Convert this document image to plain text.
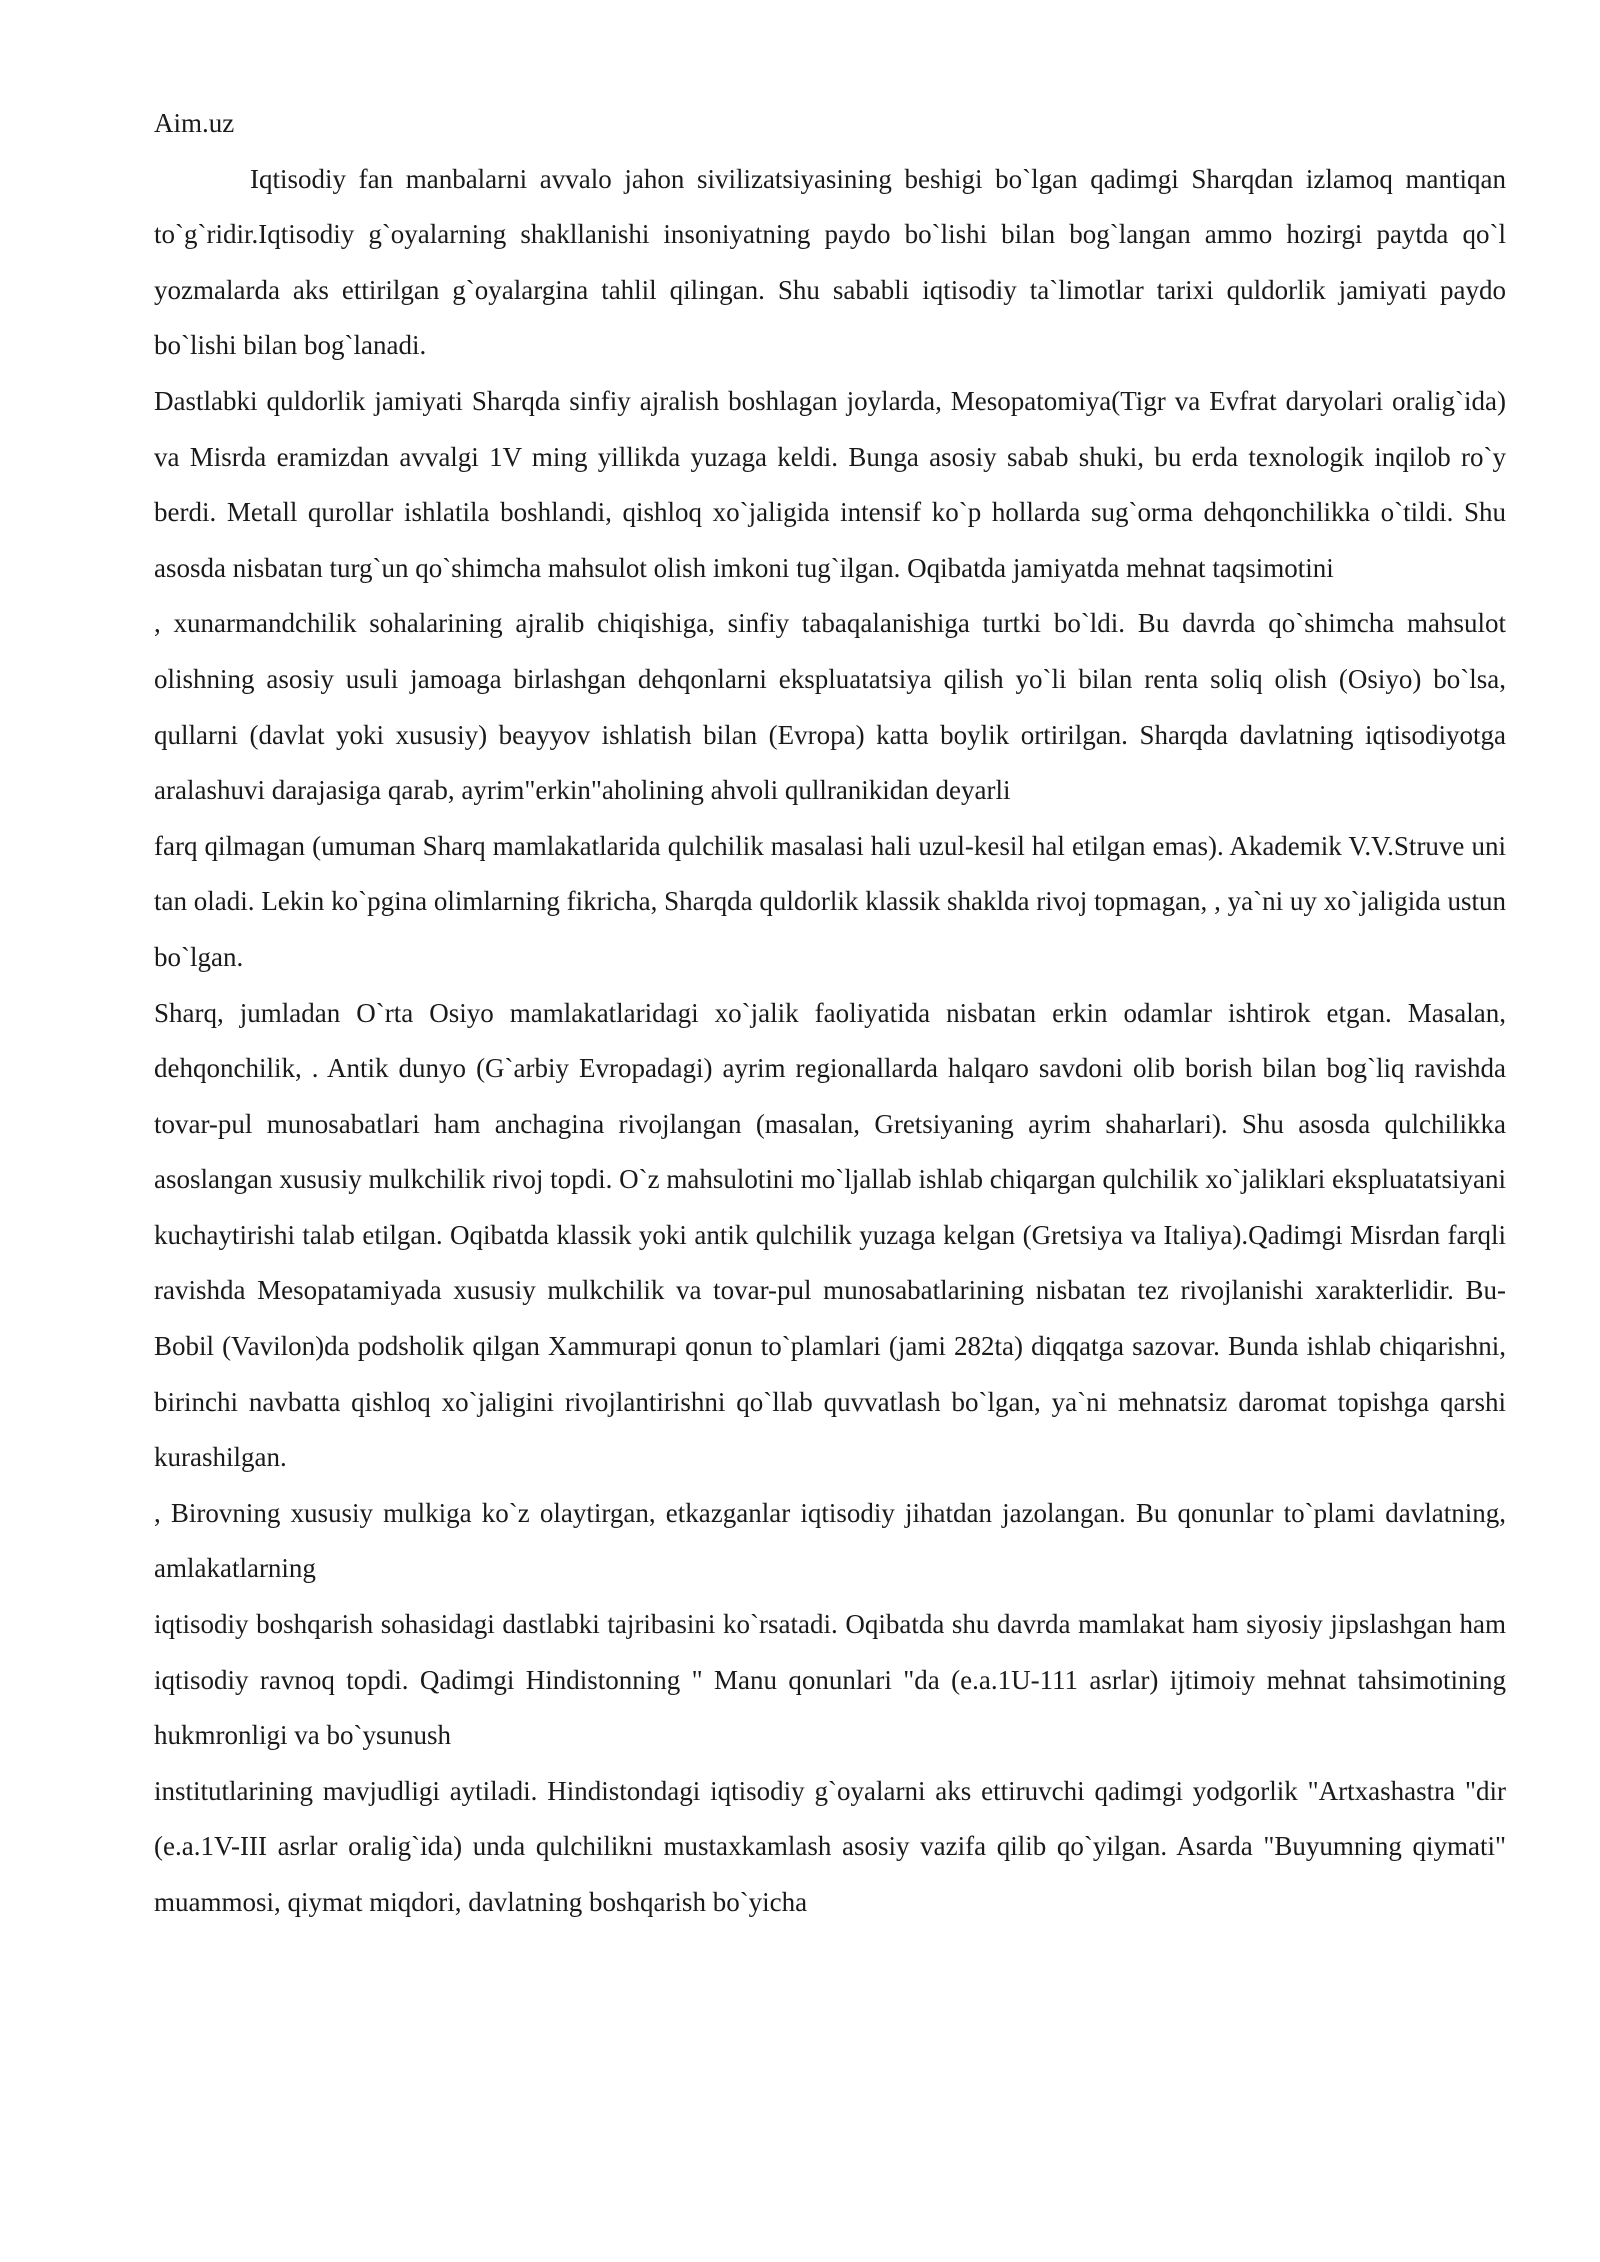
Aim.uz

Iqtisodiy fan manbalarni avvalo jahon sivilizatsiyasining beshigi bo`lgan qadimgi Sharqdan izlamoq mantiqan to`g`ridir.Iqtisodiy g`oyalarning shakllanishi insoniyatning paydo bo`lishi bilan bog`langan ammo hozirgi paytda qo`l yozmalarda aks ettirilgan g`oyalargina tahlil qilingan. Shu sababli iqtisodiy ta`limotlar tarixi quldorlik jamiyati paydo bo`lishi bilan bog`lanadi.

Dastlabki quldorlik jamiyati Sharqda sinfiy ajralish boshlagan joylarda, Mesopatomiya(Tigr va Evfrat daryolari oralig`ida) va Misrda eramizdan avvalgi 1V ming yillikda yuzaga keldi. Bunga asosiy sabab shuki, bu erda texnologik inqilob ro`y berdi. Metall qurollar ishlatila boshlandi, qishloq xo`jaligida intensif ko`p hollarda sug`orma dehqonchilikka o`tildi. Shu asosda nisbatan turg`un qo`shimcha mahsulot olish imkoni tug`ilgan. Oqibatda jamiyatda mehnat taqsimotini

, xunarmandchilik sohalarining ajralib chiqishiga, sinfiy tabaqalanishiga turtki bo`ldi. Bu davrda qo`shimcha mahsulot olishning asosiy usuli jamoaga birlashgan dehqonlarni ekspluatatsiya qilish yo`li bilan renta soliq olish (Osiyo) bo`lsa, qullarni (davlat yoki xususiy) beayyov ishlatish bilan (Evropa) katta boylik ortirilgan. Sharqda davlatning iqtisodiyotga aralashuvi darajasiga qarab, ayrim"erkin"aholining ahvoli qullranikidan deyarli

farq qilmagan (umuman Sharq mamlakatlarida qulchilik masalasi hali uzul-kesil hal etilgan emas). Akademik V.V.Struve uni tan oladi. Lekin ko`pgina olimlarning fikricha, Sharqda quldorlik klassik shaklda rivoj topmagan, , ya`ni uy xo`jaligida ustun bo`lgan.

Sharq, jumladan O`rta Osiyo mamlakatlaridagi xo`jalik faoliyatida nisbatan erkin odamlar ishtirok etgan. Masalan, dehqonchilik, . Antik dunyo (G`arbiy Evropadagi) ayrim regionallarda halqaro savdoni olib borish bilan bog`liq ravishda tovar-pul munosabatlari ham anchagina rivojlangan (masalan, Gretsiyaning ayrim shaharlari). Shu asosda qulchilikka asoslangan xususiy mulkchilik rivoj topdi. O`z mahsulotini mo`ljallab ishlab chiqargan qulchilik xo`jaliklari ekspluatatsiyani kuchaytirishi talab etilgan. Oqibatda klassik yoki antik qulchilik yuzaga kelgan (Gretsiya va Italiya).Qadimgi Misrdan farqli ravishda Mesopatamiyada xususiy mulkchilik va tovar-pul munosabatlarining nisbatan tez rivojlanishi xarakterlidir. Bu-Bobil (Vavilon)da podsholik qilgan Xammurapi qonun to`plamlari (jami 282ta) diqqatga sazovar. Bunda ishlab chiqarishni, birinchi navbatta qishloq xo`jaligini rivojlantirishni qo`llab quvvatlash bo`lgan, ya`ni mehnatsiz daromat topishga qarshi kurashilgan.

, Birovning xususiy mulkiga ko`z olaytirgan, etkazganlar iqtisodiy jihatdan jazolangan. Bu qonunlar to`plami davlatning, amlakatlarning

iqtisodiy boshqarish sohasidagi dastlabki tajribasini ko`rsatadi. Oqibatda shu davrda mamlakat ham siyosiy jipslashgan ham iqtisodiy ravnoq topdi. Qadimgi Hindistonning " Manu qonunlari "da (e.a.1U-111 asrlar) ijtimoiy mehnat tahsimotining hukmronligi va bo`ysunush

institutlarining mavjudligi aytiladi. Hindistondagi iqtisodiy g`oyalarni aks ettiruvchi qadimgi yodgorlik "Artxashastra "dir (e.a.1V-III asrlar oralig`ida) unda qulchilikni mustaxkamlash asosiy vazifa qilib qo`yilgan. Asarda "Buyumning qiymati" muammosi, qiymat miqdori, davlatning boshqarish bo`yicha
